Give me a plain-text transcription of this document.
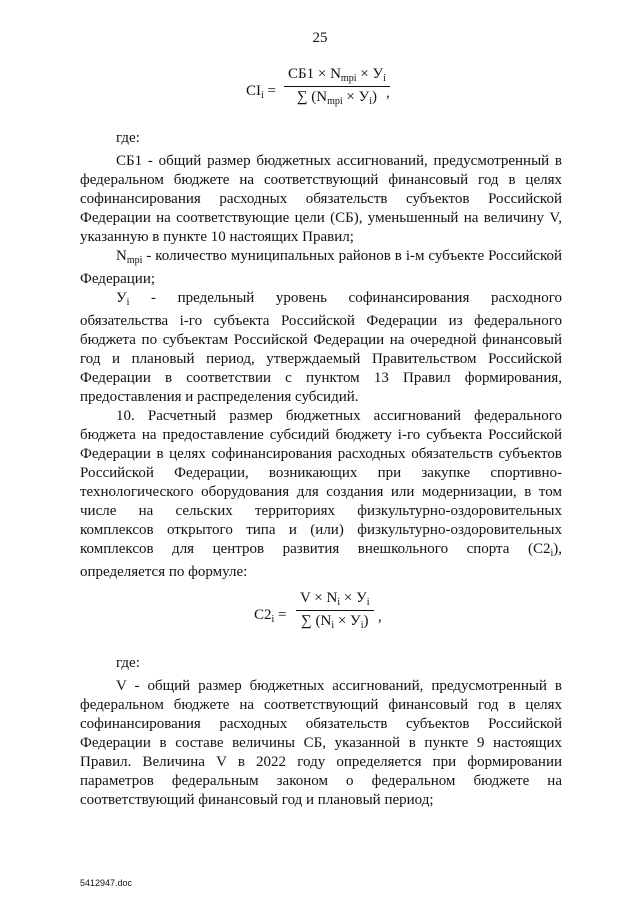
25
$CI_i$ =
$СБ1 \times N_{mpi} \times У_i$
∑ $(N_{mpi} \times У_i)$ ,
где:

СБ1 - общий размер бюджетных ассигнований, предусмотренный в федеральном бюджете на соответствующий финансовый год в целях софинансирования расходных обязательств субъектов Российской Федерации на соответствующие цели (СБ), уменьшенный на величину V, указанную в пункте 10 настоящих Правил;

$N_{mpi}$ - количество муниципальных районов в i-м субъекте Российской Федерации;

$У_i$ - предельный уровень софинансирования расходного обязательства i-го субъекта Российской Федерации из федерального бюджета по субъектам Российской Федерации на очередной финансовый год и плановый период, утверждаемый Правительством Российской Федерации в соответствии с пунктом 13 Правил формирования, предоставления и распределения субсидий.

10. Расчетный размер бюджетных ассигнований федерального бюджета на предоставление субсидий бюджету i-го субъекта Российской Федерации в целях софинансирования расходных обязательств субъектов Российской Федерации, возникающих при закупке спортивно-технологического оборудования для создания или модернизации, в том числе на сельских территориях физкультурно-оздоровительных комплексов открытого типа и (или) физкультурно-оздоровительных комплексов для центров развития внешкольного спорта $(С2_i)$, определяется по формуле:

$C2_i$ =
$V \times N_i \times У_i$
∑ $(N_i \times У_i)$ ,
где:

V - общий размер бюджетных ассигнований, предусмотренный в федеральном бюджете на соответствующий финансовый год в целях софинансирования расходных обязательств субъектов Российской Федерации в составе величины СБ, указанной в пункте 9 настоящих Правил. Величина V в 2022 году определяется при формировании параметров федеральным законом о федеральном бюджете на соответствующий финансовый год и плановый период;

5412947.doc
